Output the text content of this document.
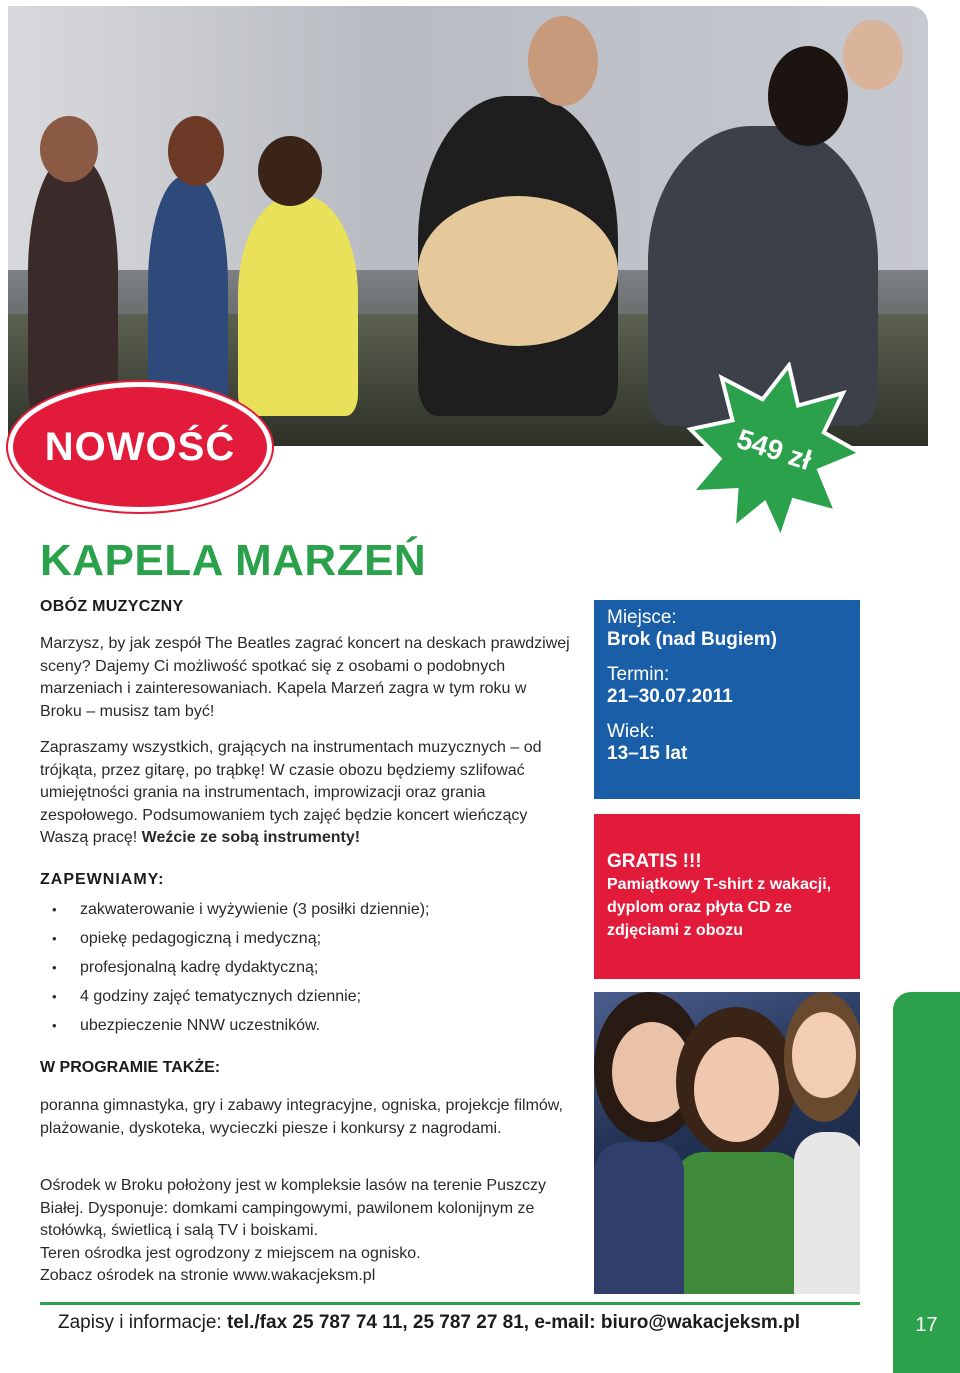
NOWOŚĆ	549 zł
KAPELA MARZEŃ
OBÓZ MUZYCZNY
Marzysz, by jak zespół The Beatles zagrać koncert na deskach prawdziwej sceny? Dajemy Ci możliwość spotkać się z osobami o podobnych marzeniach i zainteresowaniach. Kapela Marzeń zagra w tym roku w Broku – musisz tam być!
Zapraszamy wszystkich, grających na instrumentach muzycznych – od trójkąta, przez gitarę, po trąbkę! W czasie obozu będziemy szlifować umiejętności grania na instrumentach, improwizacji oraz grania zespołowego. Podsumowaniem tych zajęć będzie koncert wieńczący Waszą pracę! Weźcie ze sobą instrumenty!
ZAPEWNIAMY:
• zakwaterowanie i wyżywienie (3 posiłki dziennie);
• opiekę pedagogiczną i medyczną;
• profesjonalną kadrę dydaktyczną;
• 4 godziny zajęć tematycznych dziennie;
• ubezpieczenie NNW uczestników.
W PROGRAMIE TAKŻE:
poranna gimnastyka, gry i zabawy integracyjne, ogniska, projekcje filmów, plażowanie, dyskoteka, wycieczki piesze i konkursy z nagrodami.
Ośrodek w Broku położony jest w kompleksie lasów na terenie Puszczy Białej. Dysponuje: domkami campingowymi, pawilonem kolonijnym ze stołówką, świetlicą i salą TV i boiskami.
Teren ośrodka jest ogrodzony z miejscem na ognisko.
Zobacz ośrodek na stronie www.wakacjeksm.pl
Miejsce:
Brok (nad Bugiem)
Termin:
21–30.07.2011
Wiek:
13–15 lat
GRATIS !!!
Pamiątkowy T-shirt z wakacji, dyplom oraz płyta CD ze zdjęciami z obozu
17
Zapisy i informacje: tel./fax 25 787 74 11, 25 787 27 81, e-mail: biuro@wakacjeksm.pl
